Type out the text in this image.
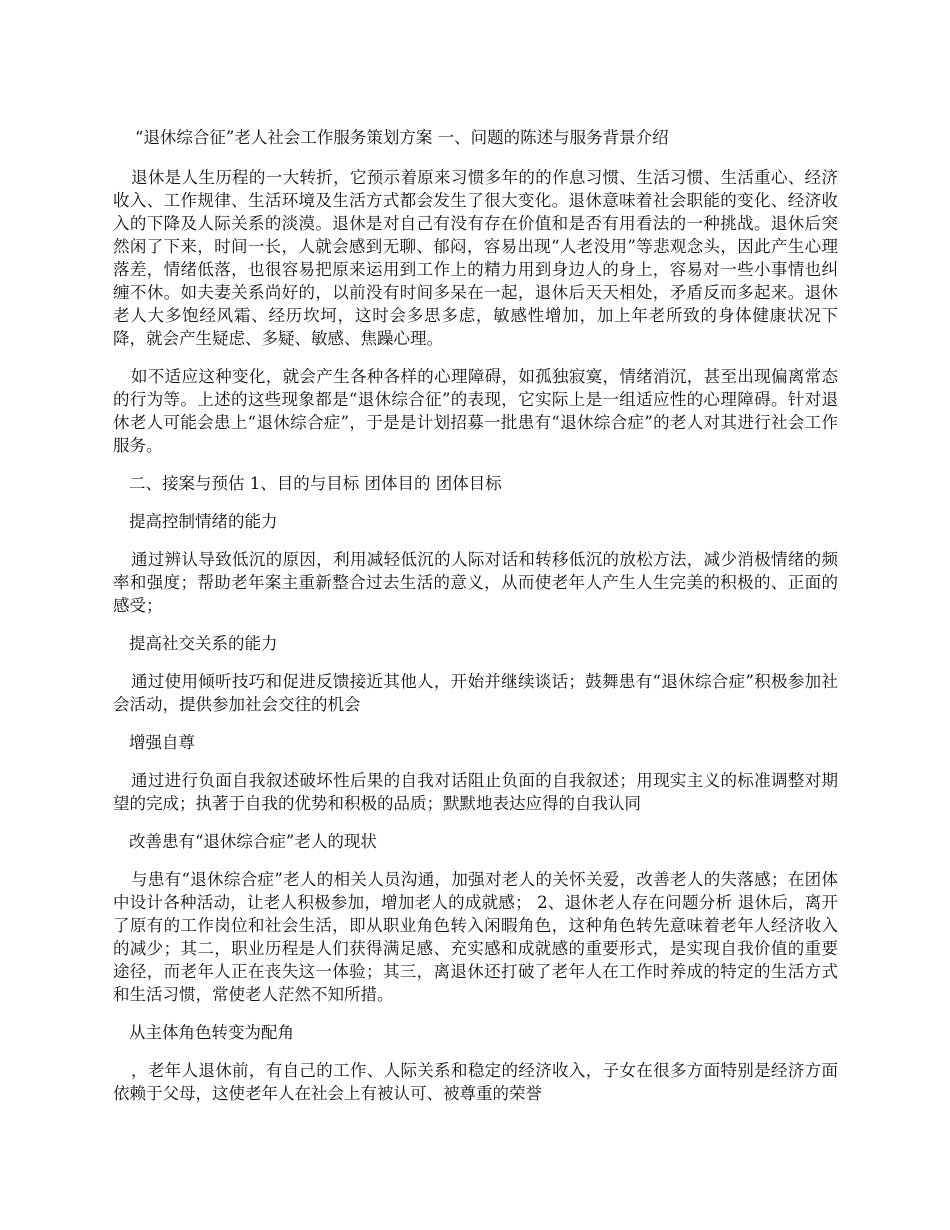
“退休综合征”老人社会工作服务策划方案 一、问题的陈述与服务背景介绍

退休是人生历程的一大转折，它预示着原来习惯多年的的作息习惯、生活习惯、生活重心、经济收入、工作规律、生活环境及生活方式都会发生了很大变化。退休意味着社会职能的变化、经济收入的下降及人际关系的淡漠。退休是对自己有没有存在价值和是否有用看法的一种挑战。退休后突然闲了下来，时间一长，人就会感到无聊、郁闷，容易出现“人老没用”等悲观念头，因此产生心理落差，情绪低落，也很容易把原来运用到工作上的精力用到身边人的身上，容易对一些小事情也纠缠不休。如夫妻关系尚好的，以前没有时间多呆在一起，退休后天天相处，矛盾反而多起来。退休老人大多饱经风霜、经历坎坷，这时会多思多虑，敏感性增加，加上年老所致的身体健康状况下降，就会产生疑虑、多疑、敏感、焦躁心理。

如不适应这种变化，就会产生各种各样的心理障碍，如孤独寂寞，情绪消沉，甚至出现偏离常态的行为等。上述的这些现象都是“退休综合征”的表现，它实际上是一组适应性的心理障碍。针对退休老人可能会患上“退休综合症”，于是是计划招募一批患有“退休综合症”的老人对其进行社会工作服务。

二、接案与预估 1、目的与目标 团体目的 团体目标

提高控制情绪的能力

通过辨认导致低沉的原因，利用减轻低沉的人际对话和转移低沉的放松方法，减少消极情绪的频率和强度；帮助老年案主重新整合过去生活的意义，从而使老年人产生人生完美的积极的、正面的感受；

提高社交关系的能力

通过使用倾听技巧和促进反馈接近其他人，开始并继续谈话；鼓舞患有“退休综合症”积极参加社会活动，提供参加社会交往的机会

增强自尊

通过进行负面自我叙述破坏性后果的自我对话阻止负面的自我叙述；用现实主义的标准调整对期望的完成；执著于自我的优势和积极的品质；默默地表达应得的自我认同

改善患有“退休综合症”老人的现状

与患有“退休综合症”老人的相关人员沟通，加强对老人的关怀关爱，改善老人的失落感；在团体中设计各种活动，让老人积极参加，增加老人的成就感； 2、退休老人存在问题分析 退休后，离开了原有的工作岗位和社会生活，即从职业角色转入闲暇角色，这种角色转先意味着老年人经济收入的减少；其二，职业历程是人们获得满足感、充实感和成就感的重要形式，是实现自我价值的重要途径，而老年人正在丧失这一体验；其三，离退休还打破了老年人在工作时养成的特定的生活方式和生活习惯，常使老人茫然不知所措。

从主体角色转变为配角

，老年人退休前，有自己的工作、人际关系和稳定的经济收入，子女在很多方面特别是经济方面依赖于父母，这使老年人在社会上有被认可、被尊重的荣誉
